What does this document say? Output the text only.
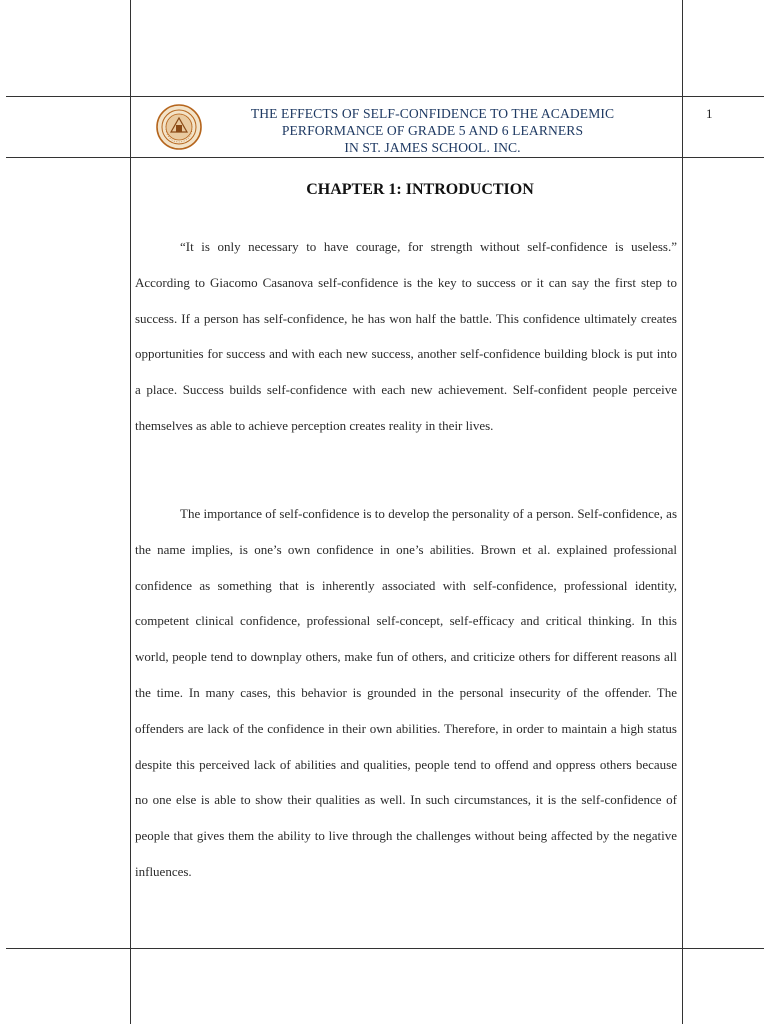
THE EFFECTS OF SELF-CONFIDENCE TO THE ACADEMIC
PERFORMANCE OF GRADE 5 AND 6 LEARNERS
IN ST. JAMES SCHOOL. INC.
1
CHAPTER 1: INTRODUCTION

“It is only necessary to have courage, for strength without self-confidence is useless.” According to Giacomo Casanova self-confidence is the key to success or it can say the first step to success. If a person has self-confidence, he has won half the battle. This confidence ultimately creates opportunities for success and with each new success, another self-confidence building block is put into a place. Success builds self-confidence with each new achievement. Self-confident people perceive themselves as able to achieve perception creates reality in their lives.

The importance of self-confidence is to develop the personality of a person. Self-confidence, as the name implies, is one’s own confidence in one’s abilities. Brown et al. explained professional confidence as something that is inherently associated with self-confidence, professional identity, competent clinical confidence, professional self-concept, self-efficacy and critical thinking. In this world, people tend to downplay others, make fun of others, and criticize others for different reasons all the time. In many cases, this behavior is grounded in the personal insecurity of the offender. The offenders are lack of the confidence in their own abilities. Therefore, in order to maintain a high status despite this perceived lack of abilities and qualities, people tend to offend and oppress others because no one else is able to show their qualities as well. In such circumstances, it is the self-confidence of people that gives them the ability to live through the challenges without being affected by the negative influences.
